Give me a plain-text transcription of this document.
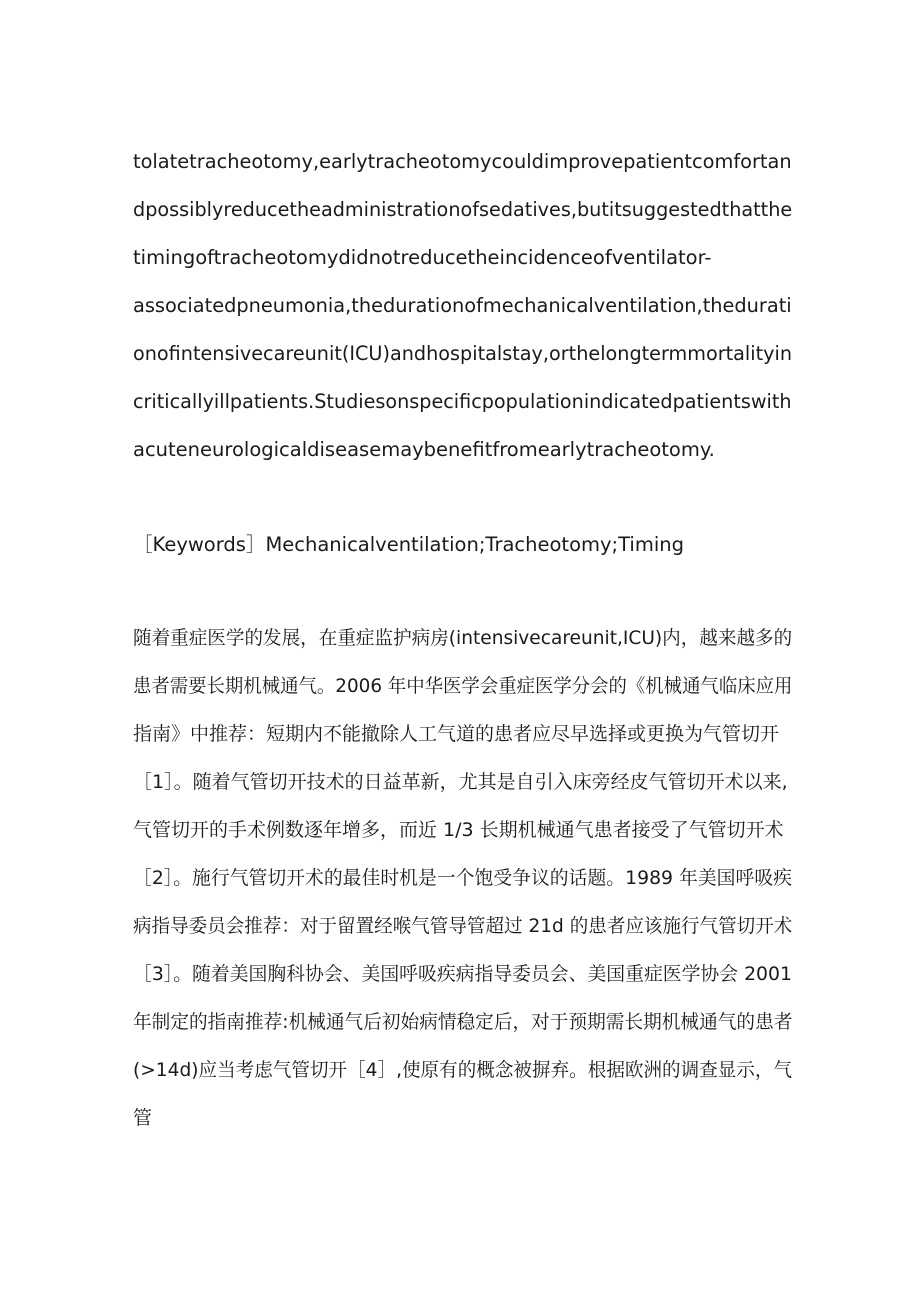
tolatetracheotomy,earlytracheotomycouldimprovepatientcomfortan
dpossiblyreducetheadministrationofsedatives,butitsuggestedthatthe
timingoftracheotomydidnotreducetheincidenceofventilator-
associatedpneumonia,thedurationofmechanicalventilation,thedurati
onofintensivecareunit(ICU)andhospitalstay,orthelongtermmortalityin
criticallyillpatients.Studiesonspecificpopulationindicatedpatientswith
acuteneurologicaldiseasemaybenefitfromearlytracheotomy.
［Keywords］Mechanicalventilation;Tracheotomy;Timing
随着重症医学的发展，在重症监护病房(intensivecareunit,ICU)内，越来越多的
患者需要长期机械通气。2006 年中华医学会重症医学分会的《机械通气临床应用
指南》中推荐：短期内不能撤除人工气道的患者应尽早选择或更换为气管切开
［1］。随着气管切开技术的日益革新，尤其是自引入床旁经皮气管切开术以来,
气管切开的手术例数逐年增多，而近 1/3 长期机械通气患者接受了气管切开术
［2］。施行气管切开术的最佳时机是一个饱受争议的话题。1989 年美国呼吸疾
病指导委员会推荐：对于留置经喉气管导管超过 21d 的患者应该施行气管切开术
［3］。随着美国胸科协会、美国呼吸疾病指导委员会、美国重症医学协会 2001
年制定的指南推荐:机械通气后初始病情稳定后，对于预期需长期机械通气的患者
(>14d)应当考虑气管切开［4］,使原有的概念被摒弃。根据欧洲的调查显示，气
管
